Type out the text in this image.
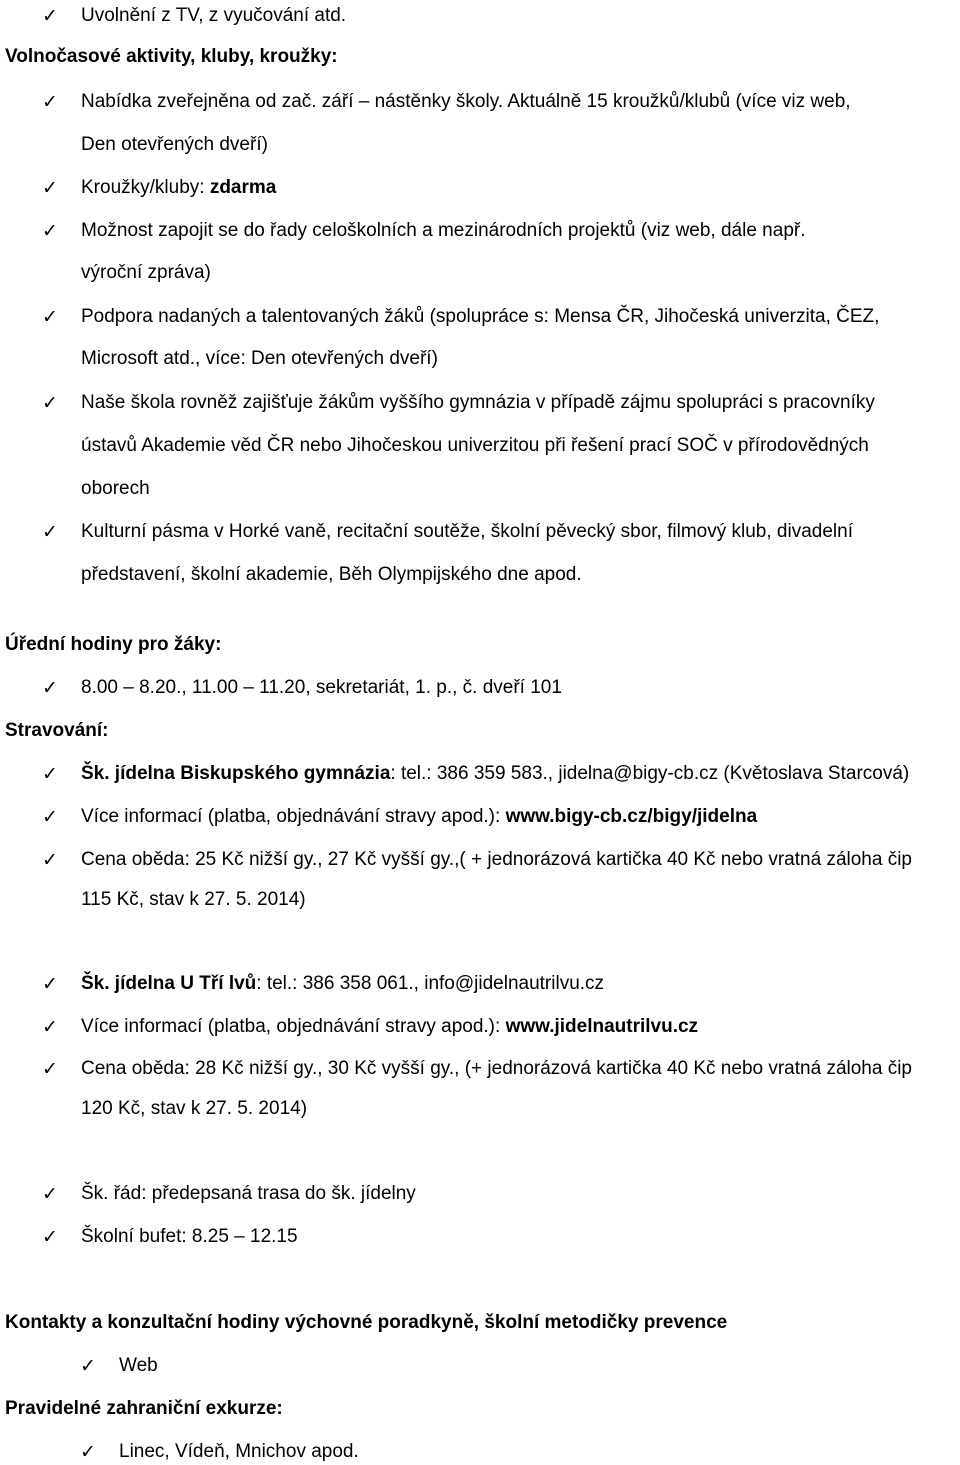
✓ Uvolnění z TV, z vyučování atd.
Volnočasové aktivity, kluby, kroužky:
✓ Nabídka zveřejněna od zač. září – nástěnky školy. Aktuálně 15 kroužků/klubů (více viz web,
Den otevřených dveří)
✓ Kroužky/kluby: zdarma
✓ Možnost zapojit se do řady celoškolních a mezinárodních projektů (viz web, dále např.
výroční zpráva)
✓ Podpora nadaných a talentovaných žáků (spolupráce s: Mensa ČR, Jihočeská univerzita, ČEZ,
Microsoft atd., více: Den otevřených dveří)
✓ Naše škola rovněž zajišťuje žákům vyššího gymnázia v případě zájmu spolupráci s pracovníky
ústavů Akademie věd ČR nebo Jihočeskou univerzitou při řešení prací SOČ v přírodovědných
oborech
✓ Kulturní pásma v Horké vaně, recitační soutěže, školní pěvecký sbor, filmový klub, divadelní
představení, školní akademie, Běh Olympijského dne apod.
Úřední hodiny pro žáky:
✓ 8.00 – 8.20., 11.00 – 11.20, sekretariát, 1. p., č. dveří 101
Stravování:
✓ Šk. jídelna Biskupského gymnázia: tel.: 386 359 583., jidelna@bigy-cb.cz (Květoslava Starcová)
✓ Více informací (platba, objednávání stravy apod.): www.bigy-cb.cz/bigy/jidelna
✓ Cena oběda: 25 Kč nižší gy., 27 Kč vyšší gy.,( + jednorázová kartička 40 Kč nebo vratná záloha čip
115 Kč, stav k 27. 5. 2014)
✓ Šk. jídelna U Tří lvů: tel.: 386 358 061., info@jidelnautrilvu.cz
✓ Více informací (platba, objednávání stravy apod.): www.jidelnautrilvu.cz
✓ Cena oběda: 28 Kč nižší gy., 30 Kč vyšší gy., (+ jednorázová kartička 40 Kč nebo vratná záloha čip
120 Kč, stav k 27. 5. 2014)
✓ Šk. řád: předepsaná trasa do šk. jídelny
✓ Školní bufet: 8.25 – 12.15
Kontakty a konzultační hodiny výchovné poradkyně, školní metodičky prevence
✓ Web
Pravidelné zahraniční exkurze:
✓ Linec, Vídeň, Mnichov apod.
